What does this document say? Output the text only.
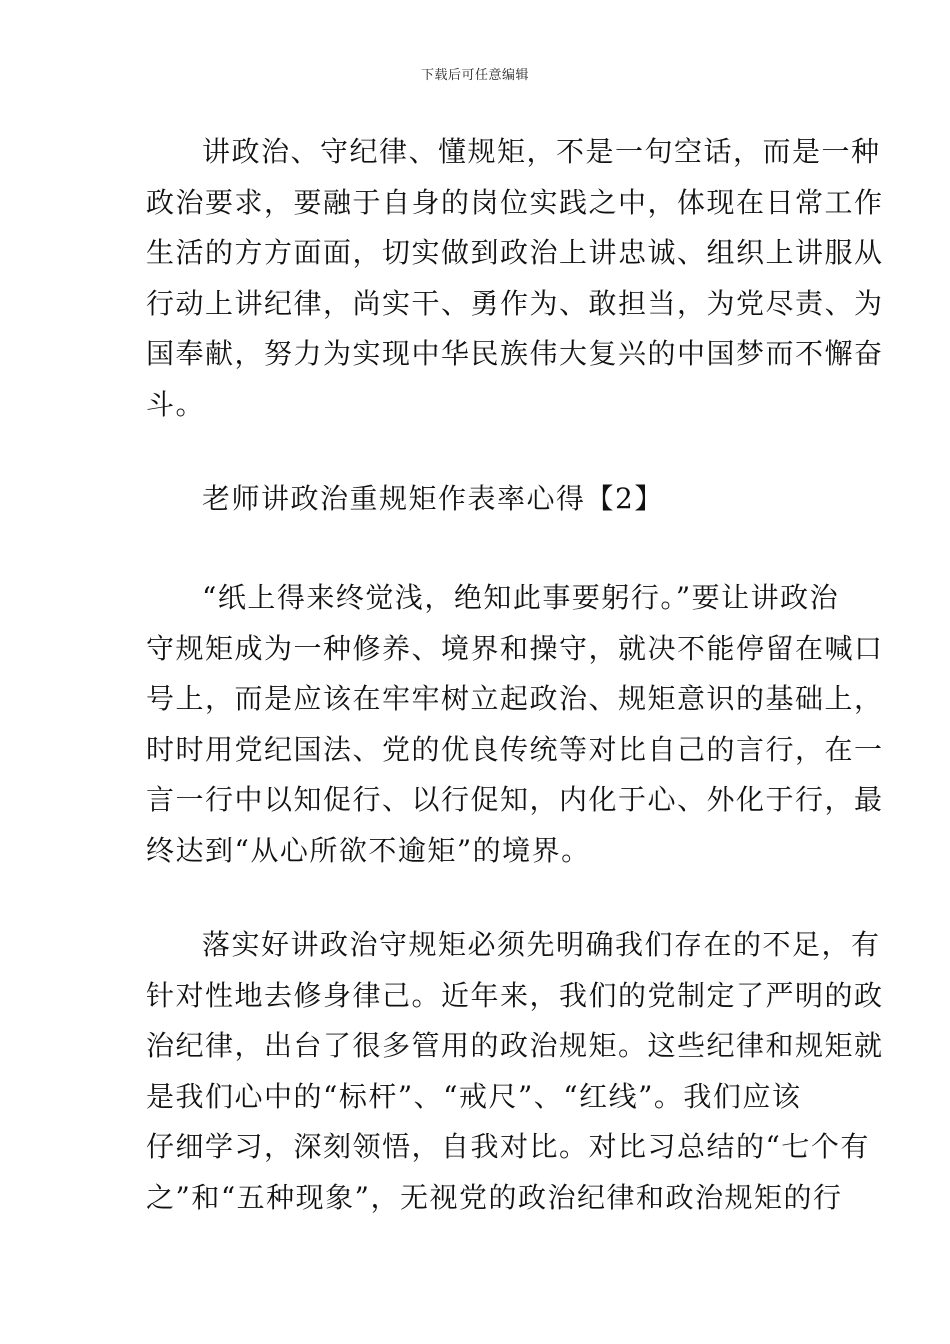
下载后可任意编辑
讲政治、守纪律、懂规矩，不是一句空话，而是一种
政治要求，要融于自身的岗位实践之中，体现在日常工作
生活的方方面面，切实做到政治上讲忠诚、组织上讲服从
行动上讲纪律，尚实干、勇作为、敢担当，为党尽责、为
国奉献，努力为实现中华民族伟大复兴的中国梦而不懈奋
斗。
老师讲政治重规矩作表率心得【2】
“纸上得来终觉浅，绝知此事要躬行。”要让讲政治
守规矩成为一种修养、境界和操守，就决不能停留在喊口
号上，而是应该在牢牢树立起政治、规矩意识的基础上，
时时用党纪国法、党的优良传统等对比自己的言行，在一
言一行中以知促行、以行促知，内化于心、外化于行，最
终达到“从心所欲不逾矩”的境界。
落实好讲政治守规矩必须先明确我们存在的不足，有
针对性地去修身律己。近年来，我们的党制定了严明的政
治纪律，出台了很多管用的政治规矩。这些纪律和规矩就
是我们心中的“标杆”、“戒尺”、“红线”。我们应该
仔细学习，深刻领悟，自我对比。对比习总结的“七个有
之”和“五种现象”，无视党的政治纪律和政治规矩的行
